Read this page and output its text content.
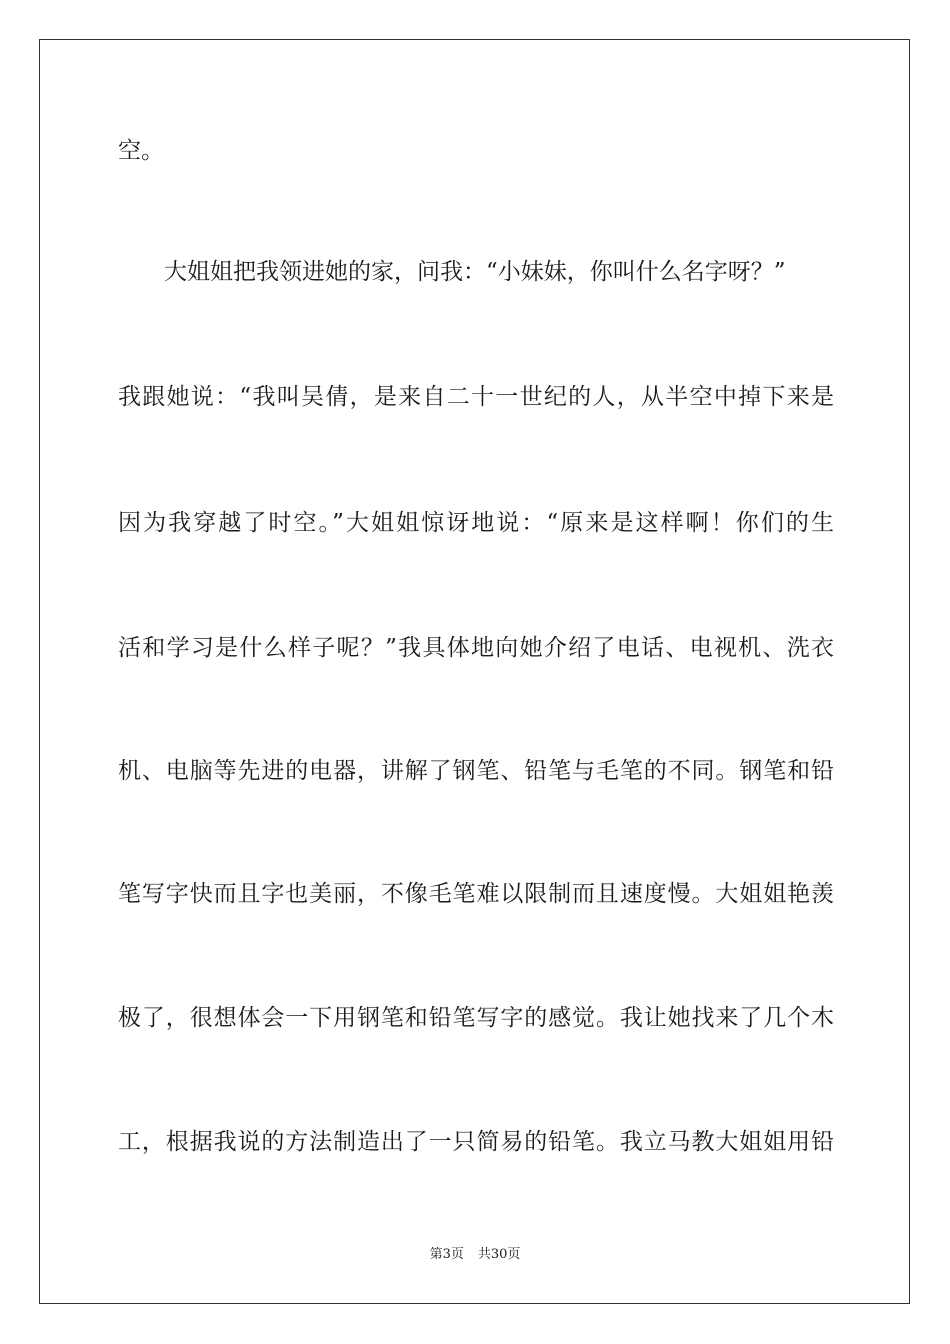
空。
大姐姐把我领进她的家，问我：“小妹妹，你叫什么名字呀？”
我跟她说：“我叫吴倩，是来自二十一世纪的人，从半空中掉下来是
因为我穿越了时空。”大姐姐惊讶地说：“原来是这样啊！你们的生
活和学习是什么样子呢？”我具体地向她介绍了电话、电视机、洗衣
机、电脑等先进的电器，讲解了钢笔、铅笔与毛笔的不同。钢笔和铅
笔写字快而且字也美丽，不像毛笔难以限制而且速度慢。大姐姐艳羡
极了，很想体会一下用钢笔和铅笔写字的感觉。我让她找来了几个木
工，根据我说的方法制造出了一只简易的铅笔。我立马教大姐姐用铅
第3页 共30页
